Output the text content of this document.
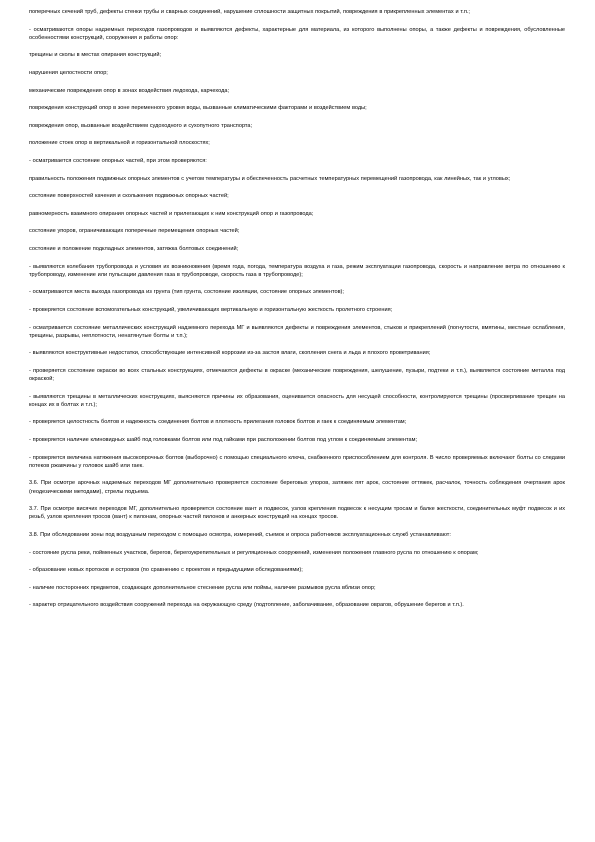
поперечных сечений труб, дефекты стенки трубы и сварных соединений, нарушение сплошности защитных покрытий, повреждения в прикрепленных элементах и т.п.;

- осматриваются опоры надземных переходов газопроводов и выявляются дефекты, характерные для материала, из которого выполнены опоры, а также дефекты и повреждения, обусловленные особенностями конструкций, сооружения и работы опор:

трещины и сколы в местах опирания конструкций;

нарушения целостности опор;

механические повреждения опор в зонах воздействия ледохода, карчехода;

повреждения конструкций опор в зоне переменного уровня воды, вызванные климатическими факторами и воздействием воды;

повреждения опор, вызванные воздействием судоходного и сухопутного транспорта;

положение стоек опор в вертикальной и горизонтальной плоскостях;

- осматривается состояние опорных частей, при этом проверяются:

правильность положения подвижных опорных элементов с учетом температуры и обеспеченность расчетных температурных перемещений газопровода, как линейных, так и угловых;

состояние поверхностей качения и скольжения подвижных опорных частей;

равномерность взаимного опирания опорных частей и прилегающих к ним конструкций опор и газопровода;

состояние упоров, ограничивающих поперечные перемещения опорных частей;

состояние и положение подкладных элементов, затяжка болтовых соединений;

- выявляются колебания трубопровода и условия их возникновения (время года, погода, температура воздуха и газа, режим эксплуатации газопровода, скорость и направление ветра по отношению к трубопроводу, изменение или пульсации давления газа в трубопроводе, скорость газа в трубопроводе);

- осматриваются места выхода газопровода из грунта (тип грунта, состояние изоляции, состояние опорных элементов);

- проверяется состояние вспомогательных конструкций, увеличивающих вертикальную и горизонтальную жесткость пролетного строения;

- осматривается состояние металлических конструкций надземного перехода МГ и выявляются дефекты и повреждения элементов, стыков и прикреплений (погнутости, вмятины, местные ослабления, трещины, разрывы, неплотности, ненатянутые болты и т.п.);

- выявляются конструктивные недостатки, способствующие интенсивной коррозии из-за застоя влаги, скопления снега и льда и плохого проветривания;

- проверяется состояние окраски во всех стальных конструкциях, отмечаются дефекты в окраске (механические повреждения, шелушение, пузыри, подтеки и т.п.), выявляется состояние металла под окраской;

- выявляются трещины в металлических конструкциях, выясняются причины их образования, оценивается опасность для несущей способности, контролируются трещины (просверливание трещин на концах их в болтах и т.п.);

- проверяется целостность болтов и надежность соединения болтов и плотность прилегания головок болтов и гаек к соединяемым элементам;

- проверяется наличие клиновидных шайб под головками болтов или под гайками при расположении болтов под углом к соединяемым элементам;

- проверяется величина натяжения высокопрочных болтов (выборочно) с помощью специального ключа, снабженного приспособлением для контроля. В число проверяемых включают болты со следами потеков ржавчины у головок шайб или гаек.

3.6. При осмотре арочных надземных переходов МГ дополнительно проверяется состояние береговых упоров, затяжек пят арок, состояние оттяжек, расчалок, точность соблюдения очертания арок (геодезическими методами), стрелы подъема.

3.7. При осмотре висячих переходов МГ, дополнительно проверяется состояние вант и подвесок, узлов крепления подвесок к несущим тросам и балке жесткости, соединительных муфт подвесок и их резьб, узлов крепления тросов (вант) к пилонам, опорных частей пилонов и анкерных конструкций на концах тросов.

3.8. При обследовании зоны под воздушным переходом с помощью осмотра, измерений, съемок и опроса работников эксплуатационных служб устанавливают:

- состояние русла реки, пойменных участков, берегов, берегоукрепительных и регуляционных сооружений, изменения положения главного русла по отношению к опорам;

- образование новых протоков и островов (по сравнению с проектом и предыдущими обследованиями);

- наличие посторонних предметов, создающих дополнительное стеснение русла или поймы, наличие размывов русла вблизи опор;

- характер отрицательного воздействия сооружений перехода на окружающую среду (подтопление, заболачивание, образование оврагов, обрушение берегов и т.п.).
